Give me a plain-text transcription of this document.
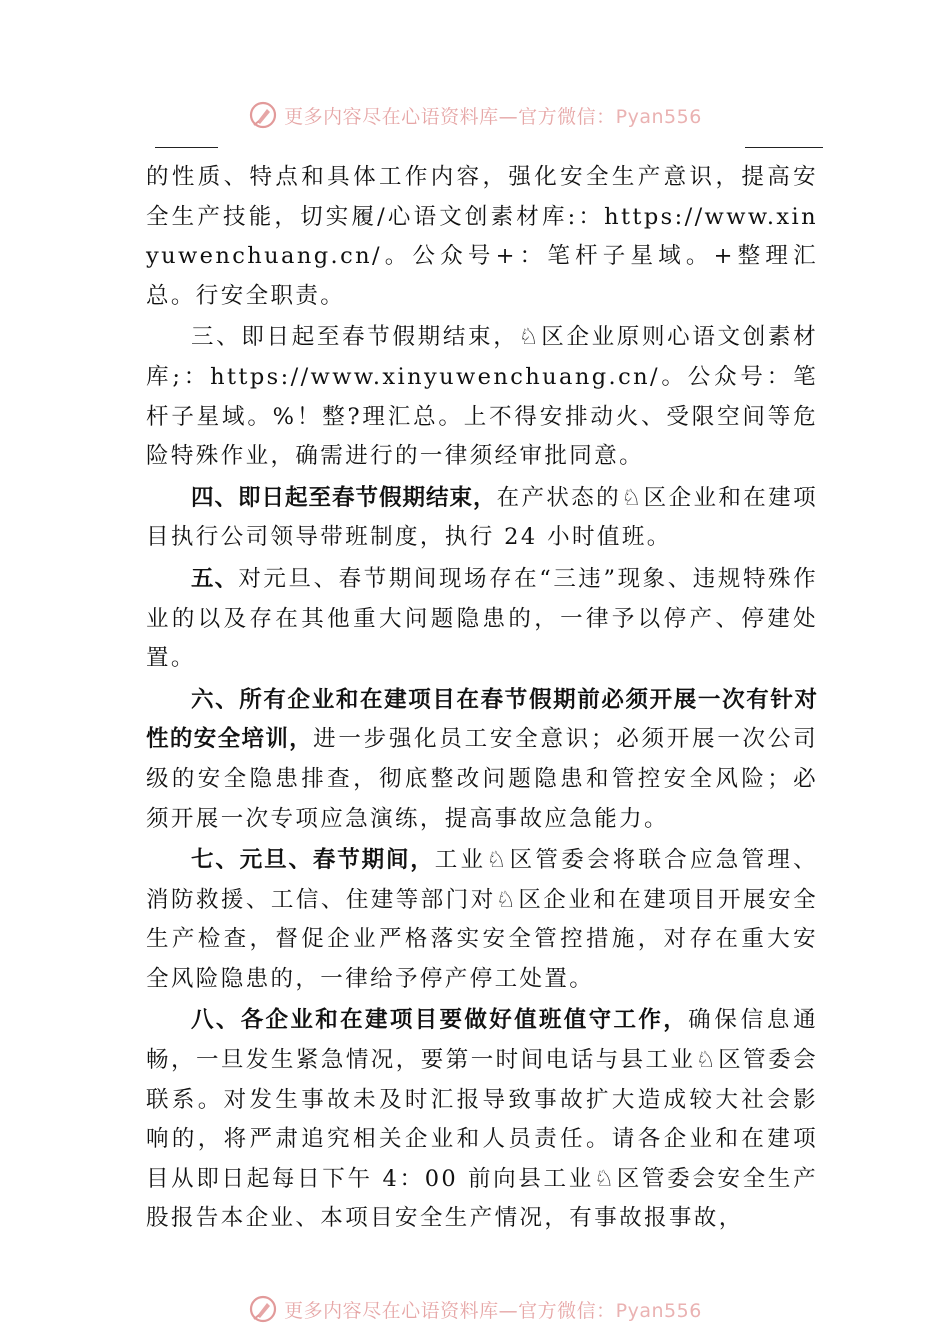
更多内容尽在心语资料库—官方微信：Pyan556

的性质、特点和具体工作内容，强化安全生产意识，提高安全生产技能，切实履/心语文创素材库:：https://www.xinyuwenchuang.cn/。公众号+：笔杆子星域。+整理汇总。行安全职责。

三、即日起至春节假期结束，♘区企业原则心语文创素材库;：https://www.xinyuwenchuang.cn/。公众号：笔杆子星域。%！整?理汇总。上不得安排动火、受限空间等危险特殊作业，确需进行的一律须经审批同意。

四、即日起至春节假期结束，在产状态的♘区企业和在建项目执行公司领导带班制度，执行 24 小时值班。

五、对元旦、春节期间现场存在“三违”现象、违规特殊作业的以及存在其他重大问题隐患的，一律予以停产、停建处置。

六、所有企业和在建项目在春节假期前必须开展一次有针对性的安全培训，进一步强化员工安全意识；必须开展一次公司级的安全隐患排查，彻底整改问题隐患和管控安全风险；必须开展一次专项应急演练，提高事故应急能力。

七、元旦、春节期间，工业♘区管委会将联合应急管理、消防救援、工信、住建等部门对♘区企业和在建项目开展安全生产检查，督促企业严格落实安全管控措施，对存在重大安全风险隐患的，一律给予停产停工处置。

八、各企业和在建项目要做好值班值守工作，确保信息通畅，一旦发生紧急情况，要第一时间电话与县工业♘区管委会联系。对发生事故未及时汇报导致事故扩大造成较大社会影响的，将严肃追究相关企业和人员责任。请各企业和在建项目从即日起每日下午 4：00 前向县工业♘区管委会安全生产股报告本企业、本项目安全生产情况，有事故报事故，

更多内容尽在心语资料库—官方微信：Pyan556
